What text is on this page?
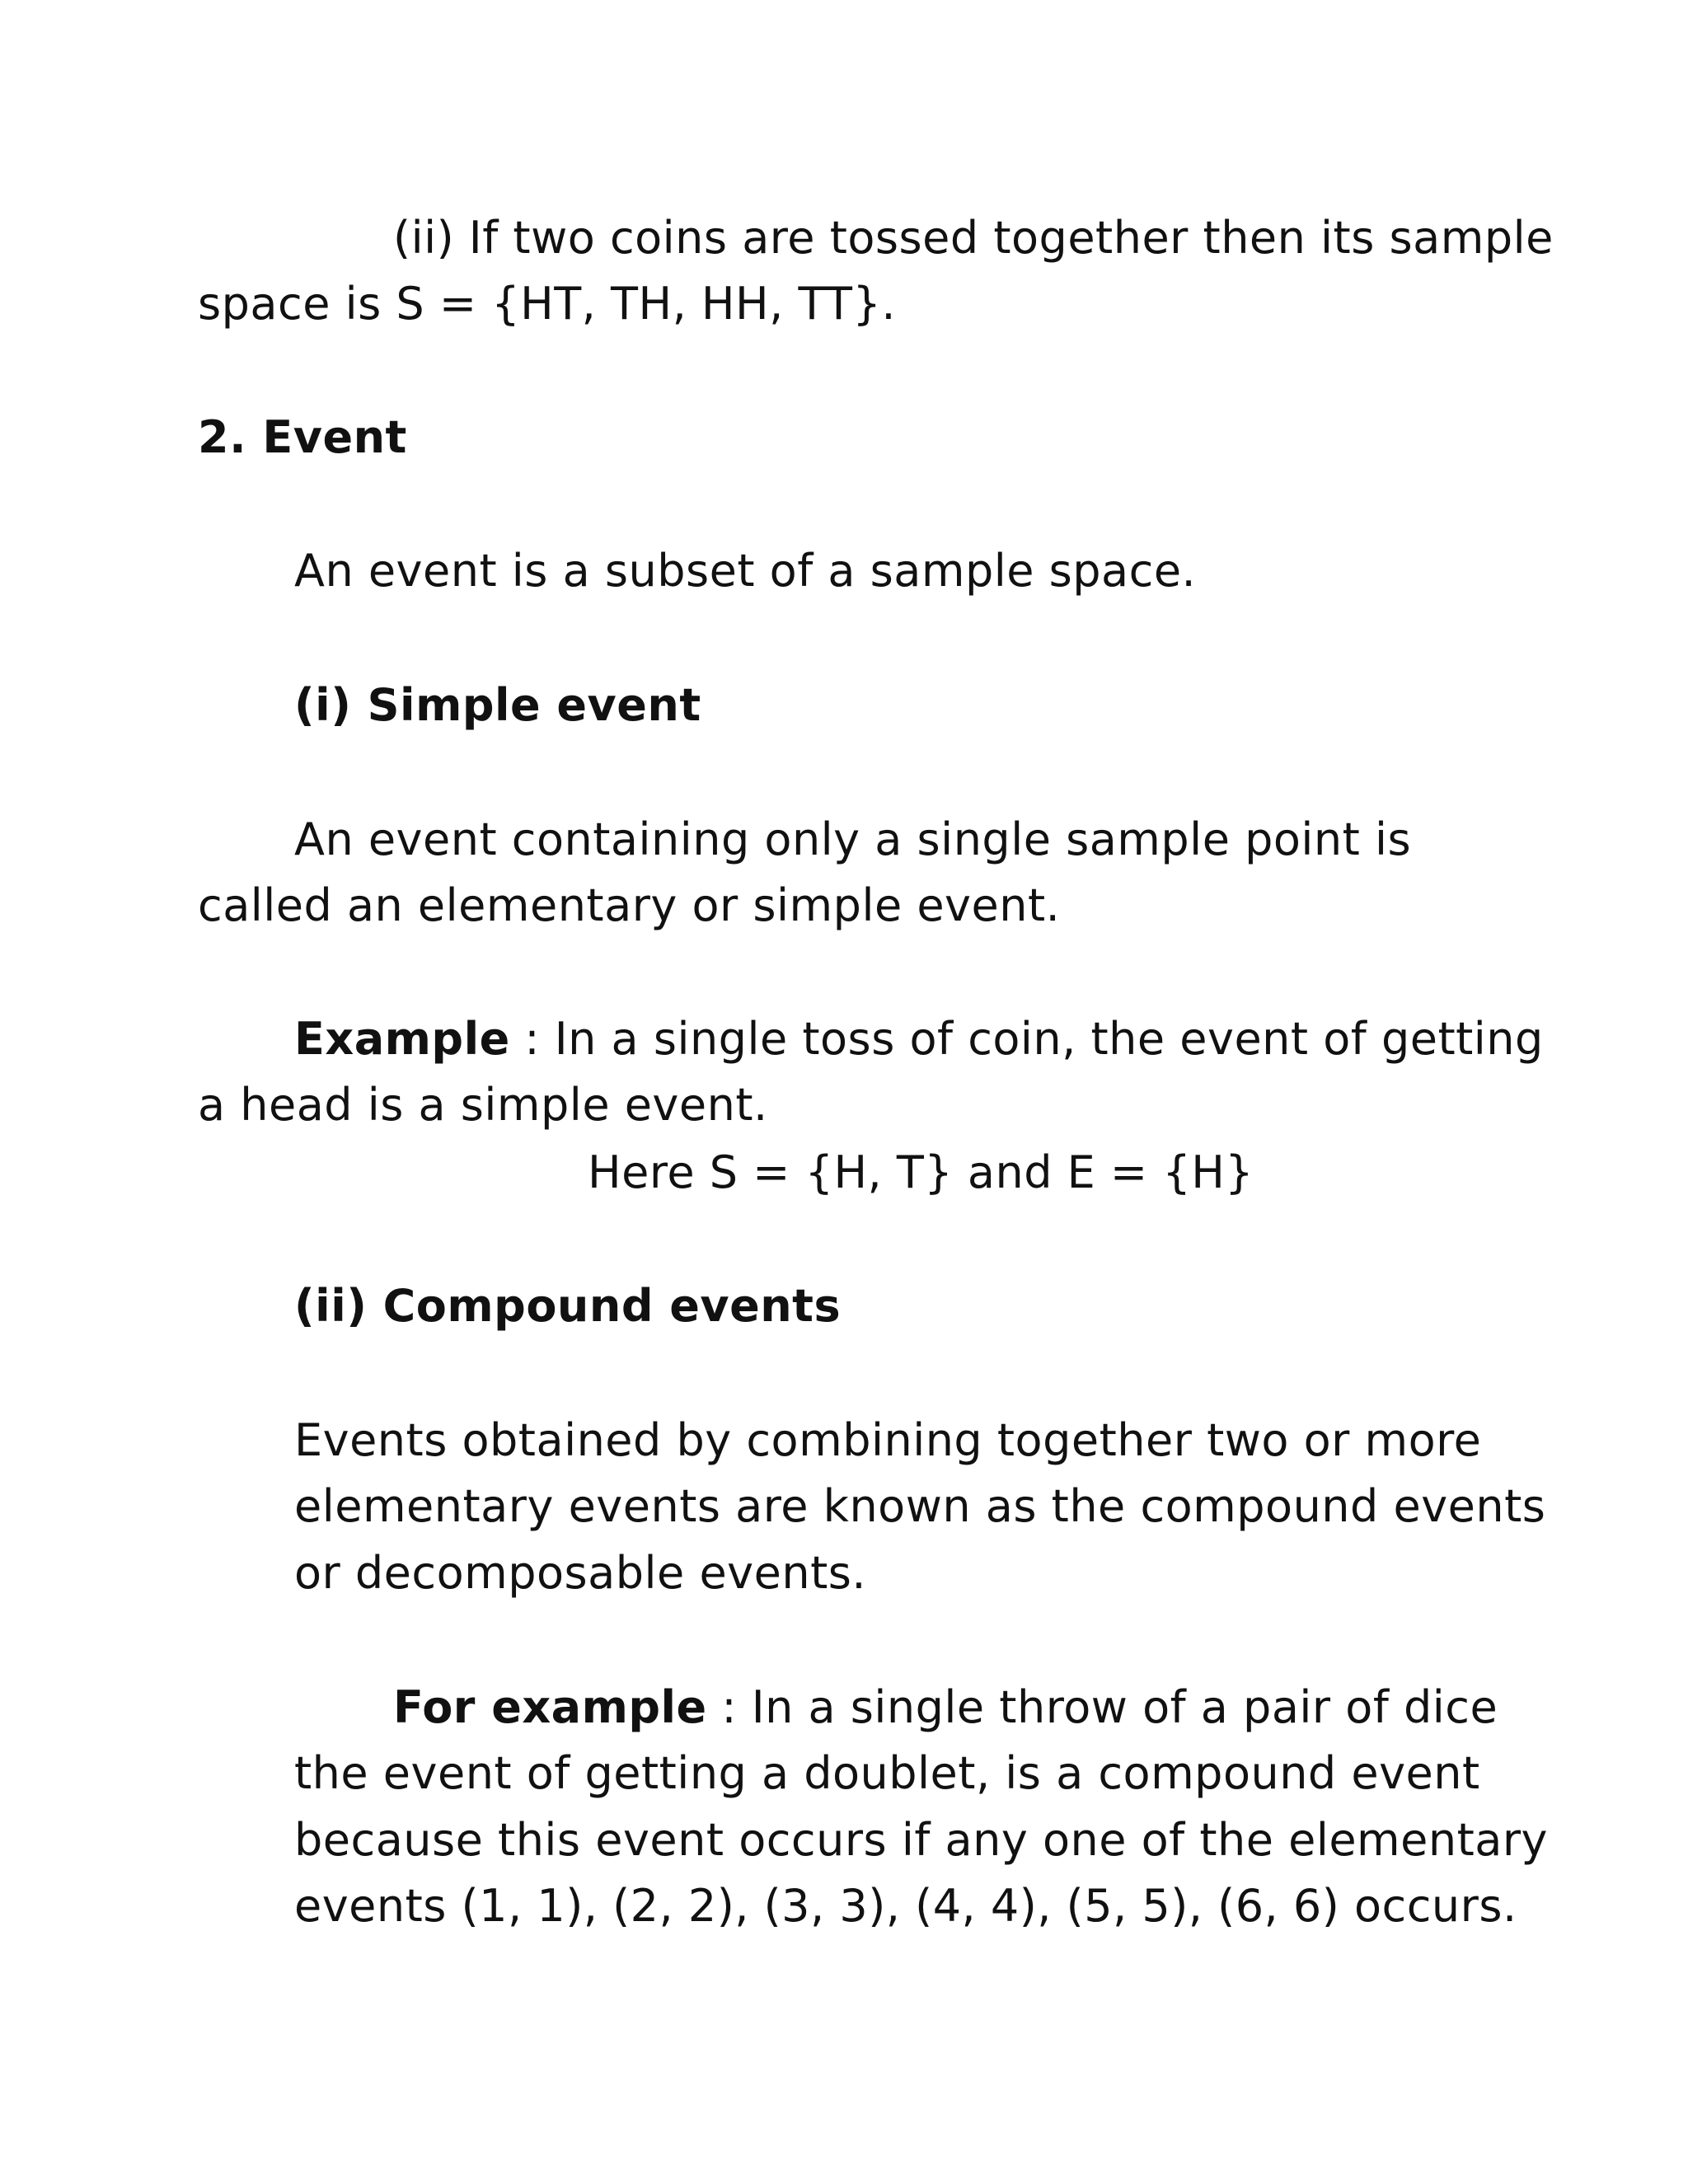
(ii) If two coins are tossed together then its sample
space is S = {HT, TH, HH, TT}.
2. Event
An event is a subset of a sample space.
(i) Simple event
An event containing only a single sample point is
called an elementary or simple event.
Example : In a single toss of coin, the event of getting
a head is a simple event.
Here S = {H, T} and E = {H}
(ii) Compound events
Events obtained by combining together two or more
elementary events are known as the compound events
or decomposable events.
For example : In a single throw of a pair of dice
the event of getting a doublet, is a compound event
because this event occurs if any one of the elementary
events (1, 1), (2, 2), (3, 3), (4, 4), (5, 5), (6, 6) occurs.
